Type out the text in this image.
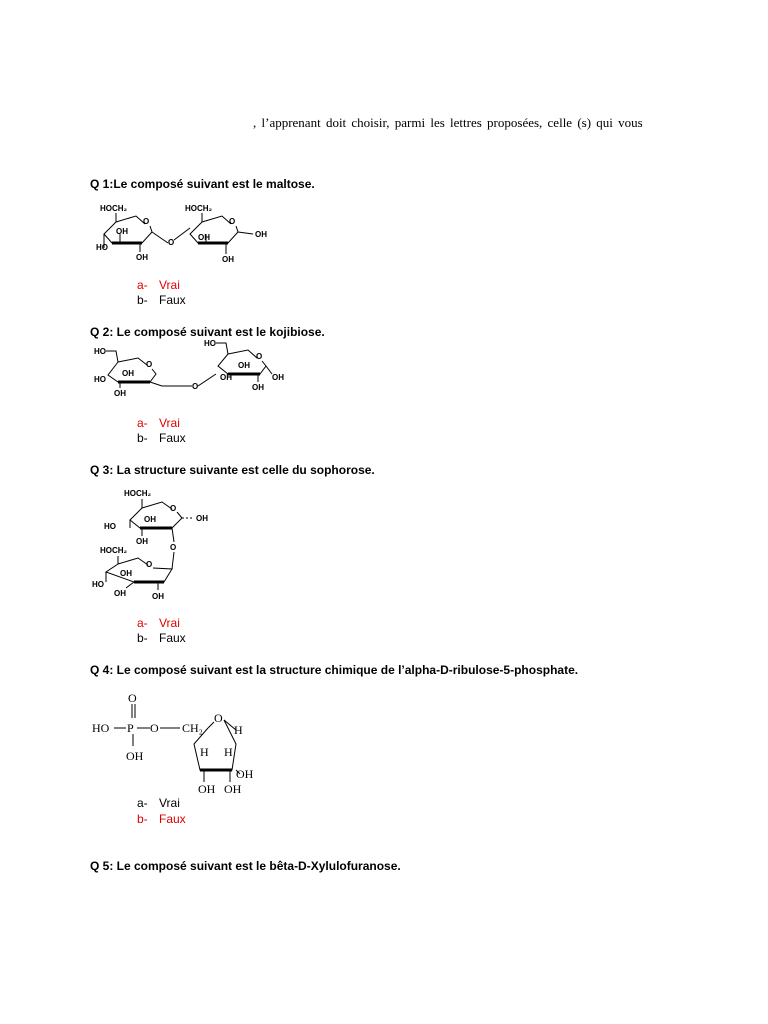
, l’apprenant doit choisir, parmi les lettres proposées, celle (s) qui vous
Q 1:Le composé suivant est le maltose.
HOCH₂
O
HO
OH
OH
O
HOCH₂
O
OH
OH
OH
a- Vrai
b- Faux
Q 2: Le composé suivant est le kojibiose.
HO
O
HO
OH
OH
O
HO
O
OH
OH
OH
OH
a- Vrai
b- Faux
Q 3: La structure suivante est celle du sophorose.
HOCH₂
O
HO
OH
OH
OH
O
HOCH₂
O
HO
OH
OH	OH
a- Vrai
b- Faux
Q 4: Le composé suivant est la structure chimique de l’alpha-D-ribulose-5-phosphate.
O
HO P O
OH
CH₂
O
H
H H
OH
OH OH
a- Vrai
b- Faux
Q 5: Le composé suivant est le bêta-D-Xylulofuranose.
